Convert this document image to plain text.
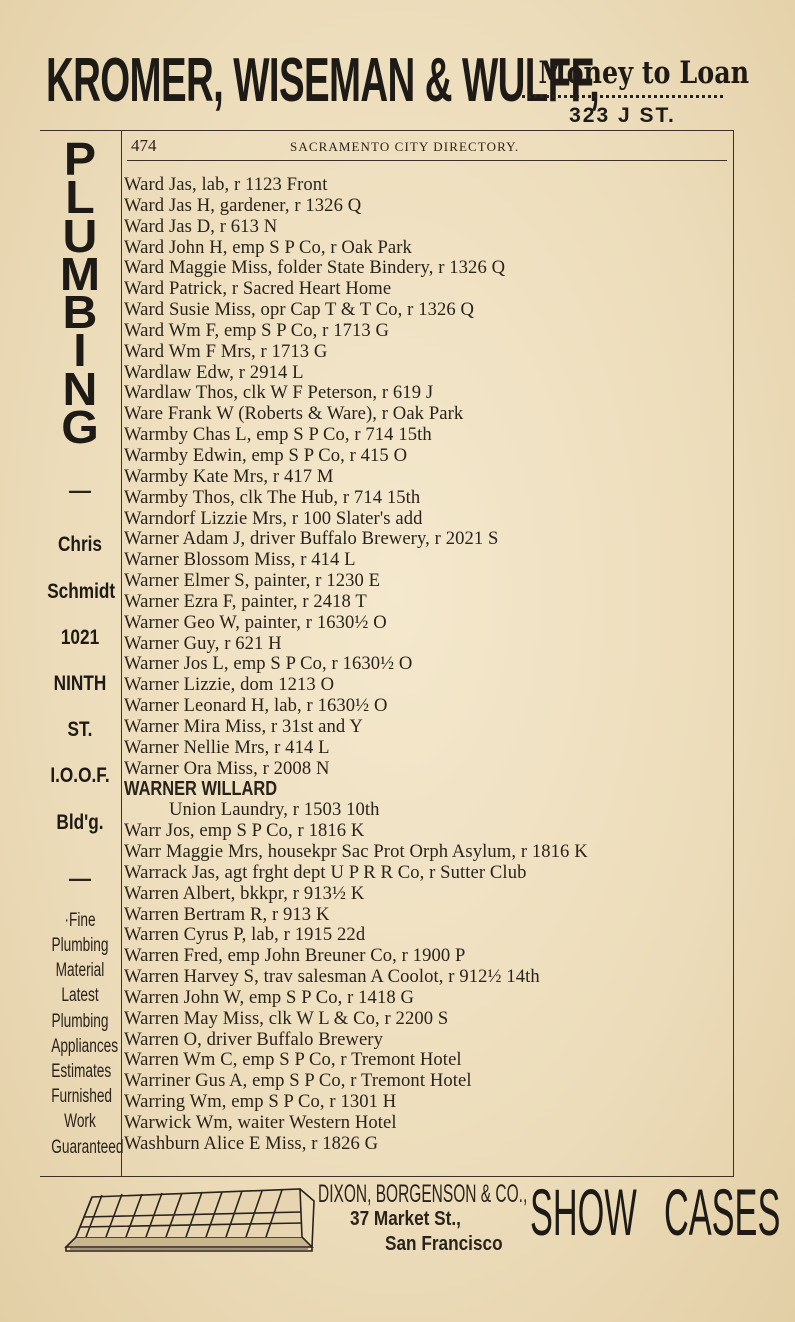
KROMER, WISEMAN & WULFF,
Money to Loan
323 J ST.
474	SACRAMENTO CITY DIRECTORY.
P
L
U
M
B
I
N
G
—
Chris
Schmidt
1021
NINTH
ST.
I.O.O.F.
Bld'g.
—
·Fine
Plumbing
Material
Latest
Plumbing
Appliances
Estimates
Furnished
Work
Guaranteed
Ward Jas, lab, r 1123 Front
Ward Jas H, gardener, r 1326 Q
Ward Jas D, r 613 N
Ward John H, emp S P Co, r Oak Park
Ward Maggie Miss, folder State Bindery, r 1326 Q
Ward Patrick, r Sacred Heart Home
Ward Susie Miss, opr Cap T & T Co, r 1326 Q
Ward Wm F, emp S P Co, r 1713 G
Ward Wm F Mrs, r 1713 G
Wardlaw Edw, r 2914 L
Wardlaw Thos, clk W F Peterson, r 619 J
Ware Frank W (Roberts & Ware), r Oak Park
Warmby Chas L, emp S P Co, r 714 15th
Warmby Edwin, emp S P Co, r 415 O
Warmby Kate Mrs, r 417 M
Warmby Thos, clk The Hub, r 714 15th
Warndorf Lizzie Mrs, r 100 Slater's add
Warner Adam J, driver Buffalo Brewery, r 2021 S
Warner Blossom Miss, r 414 L
Warner Elmer S, painter, r 1230 E
Warner Ezra F, painter, r 2418 T
Warner Geo W, painter, r 1630½ O
Warner Guy, r 621 H
Warner Jos L, emp S P Co, r 1630½ O
Warner Lizzie, dom 1213 O
Warner Leonard H, lab, r 1630½ O
Warner Mira Miss, r 31st and Y
Warner Nellie Mrs, r 414 L
Warner Ora Miss, r 2008 N
WARNER WILLARD
Union Laundry, r 1503 10th
Warr Jos, emp S P Co, r 1816 K
Warr Maggie Mrs, housekpr Sac Prot Orph Asylum, r 1816 K
Warrack Jas, agt frght dept U P R R Co, r Sutter Club
Warren Albert, bkkpr, r 913½ K
Warren Bertram R, r 913 K
Warren Cyrus P, lab, r 1915 22d
Warren Fred, emp John Breuner Co, r 1900 P
Warren Harvey S, trav salesman A Coolot, r 912½ 14th
Warren John W, emp S P Co, r 1418 G
Warren May Miss, clk W L & Co, r 2200 S
Warren O, driver Buffalo Brewery
Warren Wm C, emp S P Co, r Tremont Hotel
Warriner Gus A, emp S P Co, r Tremont Hotel
Warring Wm, emp S P Co, r 1301 H
Warwick Wm, waiter Western Hotel
Washburn Alice E Miss, r 1826 G
DIXON, BORGENSON & CO.,
37 Market St.,
San Francisco SHOW CASES
